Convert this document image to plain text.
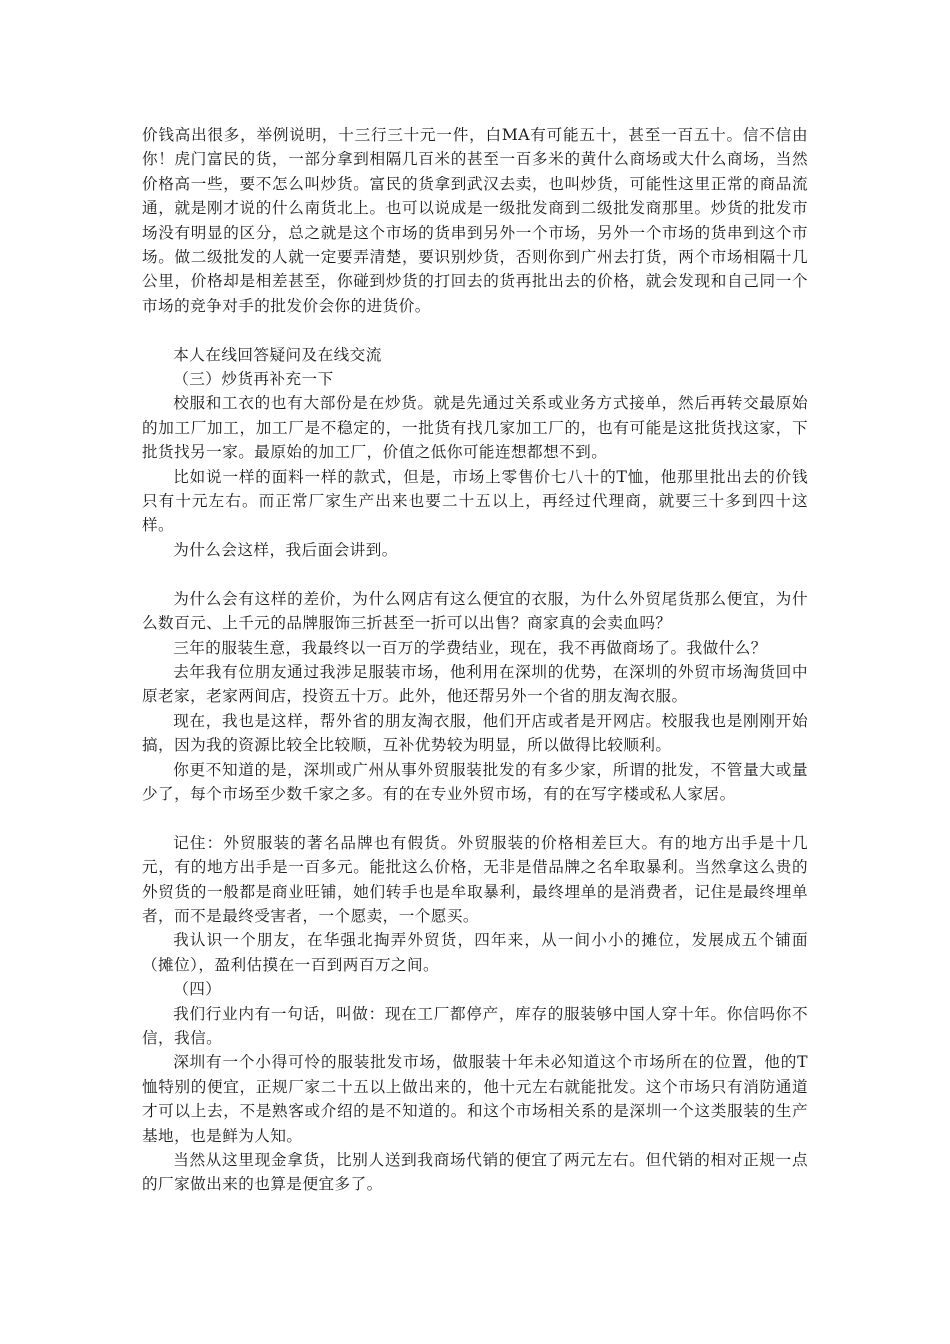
价钱高出很多，举例说明，十三行三十元一件，白MA有可能五十，甚至一百五十。信不信由你！虎门富民的货，一部分拿到相隔几百米的甚至一百多米的黄什么商场或大什么商场，当然价格高一些，要不怎么叫炒货。富民的货拿到武汉去卖，也叫炒货，可能性这里正常的商品流通，就是刚才说的什么南货北上。也可以说成是一级批发商到二级批发商那里。炒货的批发市场没有明显的区分，总之就是这个市场的货串到另外一个市场，另外一个市场的货串到这个市场。做二级批发的人就一定要弄清楚，要识别炒货，否则你到广州去打货，两个市场相隔十几公里，价格却是相差甚至，你碰到炒货的打回去的货再批出去的价格，就会发现和自己同一个市场的竞争对手的批发价会你的进货价。

本人在线回答疑问及在线交流

（三）炒货再补充一下

校服和工衣的也有大部份是在炒货。就是先通过关系或业务方式接单，然后再转交最原始的加工厂加工，加工厂是不稳定的，一批货有找几家加工厂的，也有可能是这批货找这家，下批货找另一家。最原始的加工厂，价值之低你可能连想都想不到。

比如说一样的面料一样的款式，但是，市场上零售价七八十的T恤，他那里批出去的价钱只有十元左右。而正常厂家生产出来也要二十五以上，再经过代理商，就要三十多到四十这样。

为什么会这样，我后面会讲到。

为什么会有这样的差价，为什么网店有这么便宜的衣服，为什么外贸尾货那么便宜，为什么数百元、上千元的品牌服饰三折甚至一折可以出售？商家真的会卖血吗？

三年的服装生意，我最终以一百万的学费结业，现在，我不再做商场了。我做什么？

去年我有位朋友通过我涉足服装市场，他利用在深圳的优势，在深圳的外贸市场淘货回中原老家，老家两间店，投资五十万。此外，他还帮另外一个省的朋友淘衣服。

现在，我也是这样，帮外省的朋友淘衣服，他们开店或者是开网店。校服我也是刚刚开始搞，因为我的资源比较全比较顺，互补优势较为明显，所以做得比较顺利。

你更不知道的是，深圳或广州从事外贸服装批发的有多少家，所谓的批发，不管量大或量少了，每个市场至少数千家之多。有的在专业外贸市场，有的在写字楼或私人家居。

记住：外贸服装的著名品牌也有假货。外贸服装的价格相差巨大。有的地方出手是十几元，有的地方出手是一百多元。能批这么价格，无非是借品牌之名牟取暴利。当然拿这么贵的外贸货的一般都是商业旺铺，她们转手也是牟取暴利，最终埋单的是消费者，记住是最终埋单者，而不是最终受害者，一个愿卖，一个愿买。

我认识一个朋友，在华强北掏弄外贸货，四年来，从一间小小的摊位，发展成五个铺面（摊位），盈利估摸在一百到两百万之间。

（四）

我们行业内有一句话，叫做：现在工厂都停产，库存的服装够中国人穿十年。你信吗你不信，我信。

深圳有一个小得可怜的服装批发市场，做服装十年未必知道这个市场所在的位置，他的T恤特别的便宜，正规厂家二十五以上做出来的，他十元左右就能批发。这个市场只有消防通道才可以上去，不是熟客或介绍的是不知道的。和这个市场相关系的是深圳一个这类服装的生产基地，也是鲜为人知。

当然从这里现金拿货，比别人送到我商场代销的便宜了两元左右。但代销的相对正规一点的厂家做出来的也算是便宜多了。
